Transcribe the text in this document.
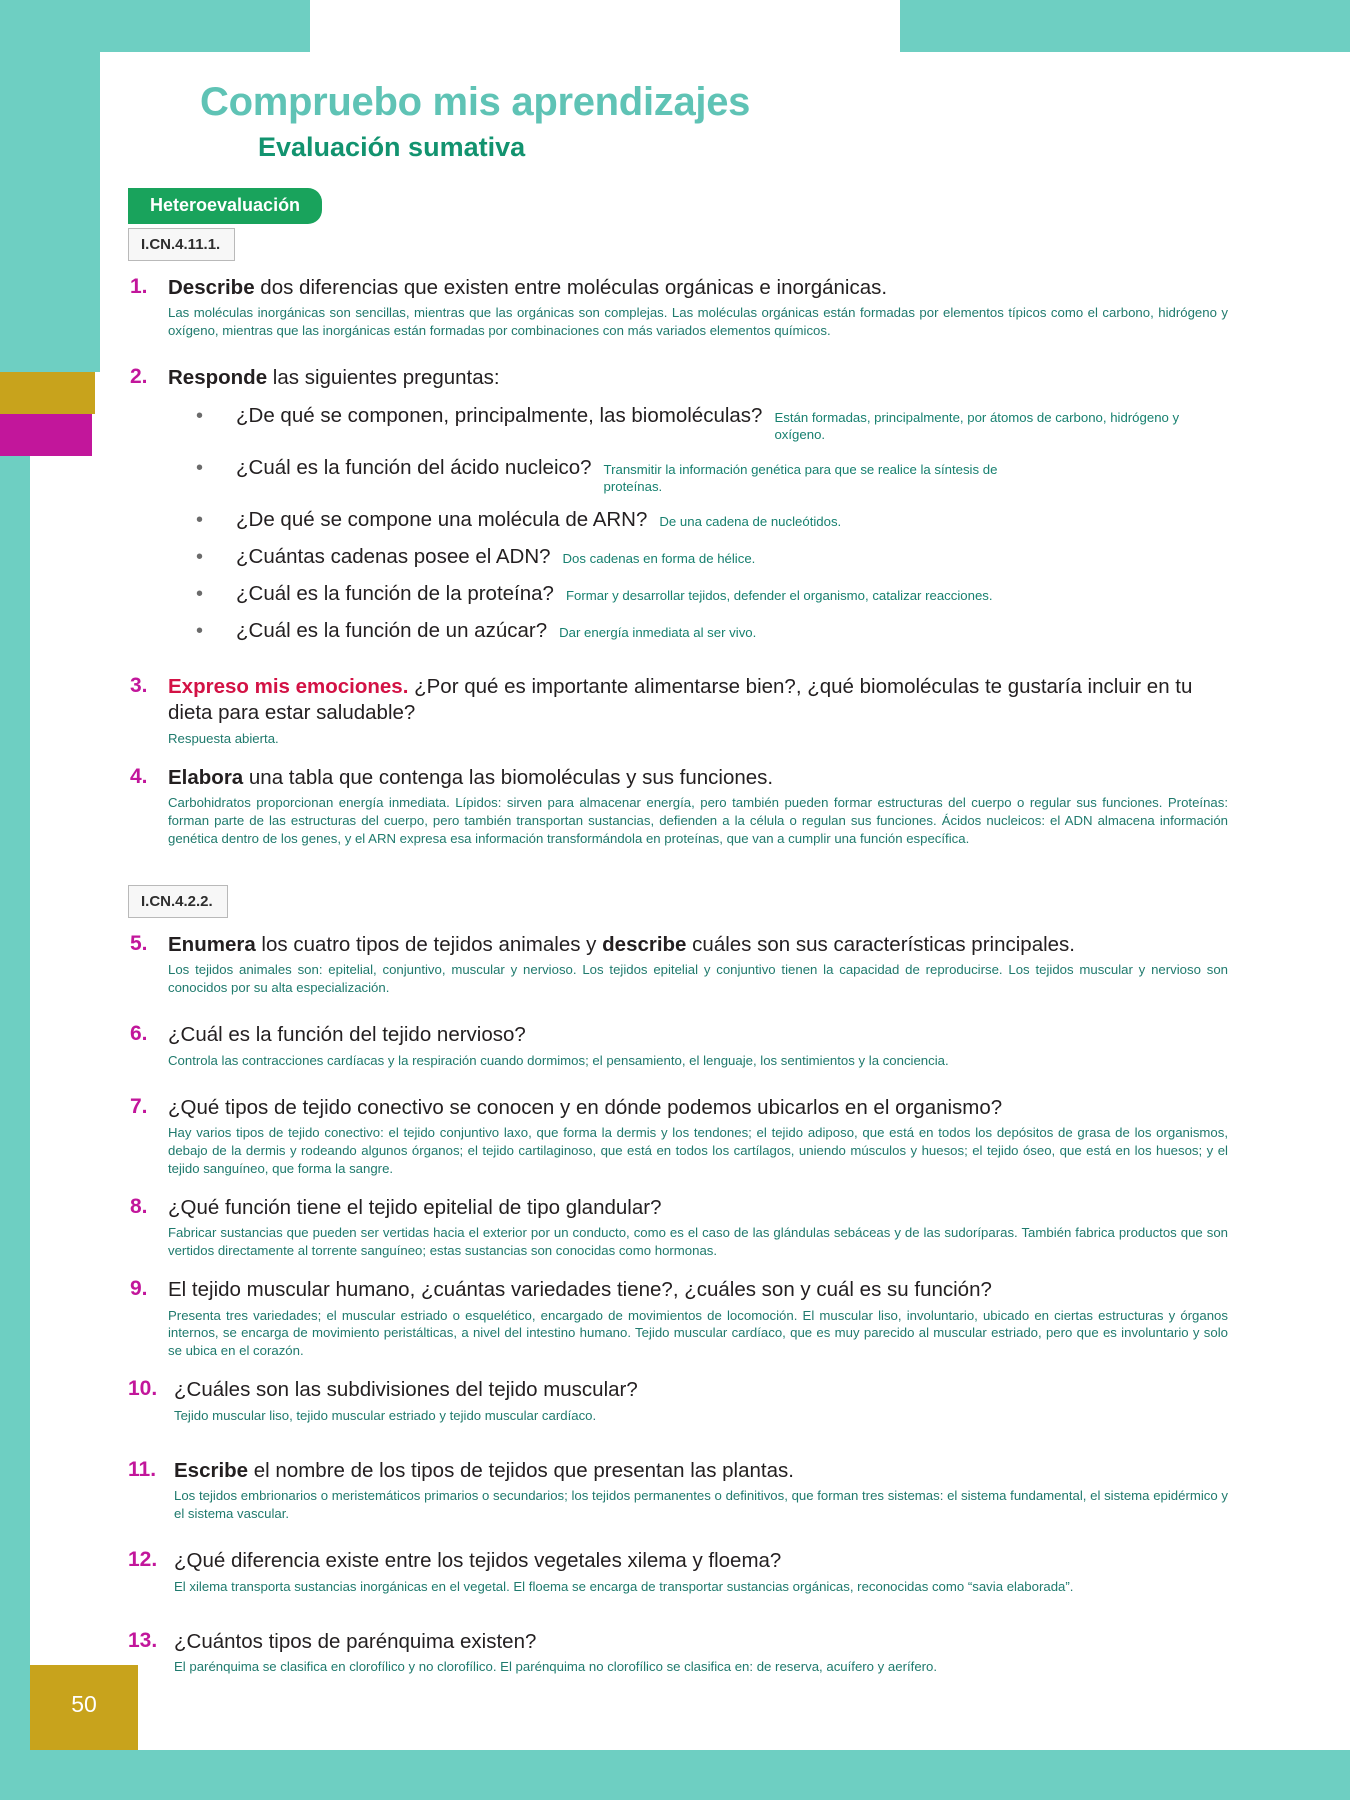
Compruebo mis aprendizajes
Evaluación sumativa
Heteroevaluación
I.CN.4.11.1.
1. Describe dos diferencias que existen entre moléculas orgánicas e inorgánicas.
Las moléculas inorgánicas son sencillas, mientras que las orgánicas son complejas. Las moléculas orgánicas están formadas por elementos típicos como el carbono, hidrógeno y oxígeno, mientras que las inorgánicas están formadas por combinaciones con más variados elementos químicos.
2. Responde las siguientes preguntas:
•	¿De qué se componen, principalmente, las biomoléculas? Están formadas, principalmente, por átomos de carbono, hidrógeno y oxígeno.
•	¿Cuál es la función del ácido nucleico? Transmitir la información genética para que se realice la síntesis de proteínas.
•	¿De qué se compone una molécula de ARN? De una cadena de nucleótidos.
•	¿Cuántas cadenas posee el ADN? Dos cadenas en forma de hélice.
•	¿Cuál es la función de la proteína? Formar y desarrollar tejidos, defender el organismo, catalizar reacciones.
•	¿Cuál es la función de un azúcar? Dar energía inmediata al ser vivo.
3. Expreso mis emociones. ¿Por qué es importante alimentarse bien?, ¿qué biomoléculas te gustaría incluir en tu dieta para estar saludable?
Respuesta abierta.
4. Elabora una tabla que contenga las biomoléculas y sus funciones.
Carbohidratos proporcionan energía inmediata. Lípidos: sirven para almacenar energía, pero también pueden formar estructuras del cuerpo o regular sus funciones. Proteínas: forman parte de las estructuras del cuerpo, pero también transportan sustancias, defienden a la célula o regulan sus funciones. Ácidos nucleicos: el ADN almacena información genética dentro de los genes, y el ARN expresa esa información transformándola en proteínas, que van a cumplir una función específica.
I.CN.4.2.2.
5. Enumera los cuatro tipos de tejidos animales y describe cuáles son sus características principales.
Los tejidos animales son: epitelial, conjuntivo, muscular y nervioso. Los tejidos epitelial y conjuntivo tienen la capacidad de reproducirse. Los tejidos muscular y nervioso son conocidos por su alta especialización.
6. ¿Cuál es la función del tejido nervioso?
Controla las contracciones cardíacas y la respiración cuando dormimos; el pensamiento, el lenguaje, los sentimientos y la conciencia.
7. ¿Qué tipos de tejido conectivo se conocen y en dónde podemos ubicarlos en el organismo?
Hay varios tipos de tejido conectivo: el tejido conjuntivo laxo, que forma la dermis y los tendones; el tejido adiposo, que está en todos los depósitos de grasa de los organismos, debajo de la dermis y rodeando algunos órganos; el tejido cartilaginoso, que está en todos los cartílagos, uniendo músculos y huesos; el tejido óseo, que está en los huesos; y el tejido sanguíneo, que forma la sangre.
8. ¿Qué función tiene el tejido epitelial de tipo glandular?
Fabricar sustancias que pueden ser vertidas hacia el exterior por un conducto, como es el caso de las glándulas sebáceas y de las sudoríparas. También fabrica productos que son vertidos directamente al torrente sanguíneo; estas sustancias son conocidas como hormonas.
9. El tejido muscular humano, ¿cuántas variedades tiene?, ¿cuáles son y cuál es su función?
Presenta tres variedades; el muscular estriado o esquelético, encargado de movimientos de locomoción. El muscular liso, involuntario, ubicado en ciertas estructuras y órganos internos, se encarga de movimiento peristálticas, a nivel del intestino humano. Tejido muscular cardíaco, que es muy parecido al muscular estriado, pero que es involuntario y solo se ubica en el corazón.
10. ¿Cuáles son las subdivisiones del tejido muscular?
Tejido muscular liso, tejido muscular estriado y tejido muscular cardíaco.
11. Escribe el nombre de los tipos de tejidos que presentan las plantas.
Los tejidos embrionarios o meristemáticos primarios o secundarios; los tejidos permanentes o definitivos, que forman tres sistemas: el sistema fundamental, el sistema epidérmico y el sistema vascular.
12. ¿Qué diferencia existe entre los tejidos vegetales xilema y floema?
El xilema transporta sustancias inorgánicas en el vegetal. El floema se encarga de transportar sustancias orgánicas, reconocidas como “savia elaborada”.
13. ¿Cuántos tipos de parénquima existen?
El parénquima se clasifica en clorofílico y no clorofílico. El parénquima no clorofílico se clasifica en: de reserva, acuífero y aerífero.
50
